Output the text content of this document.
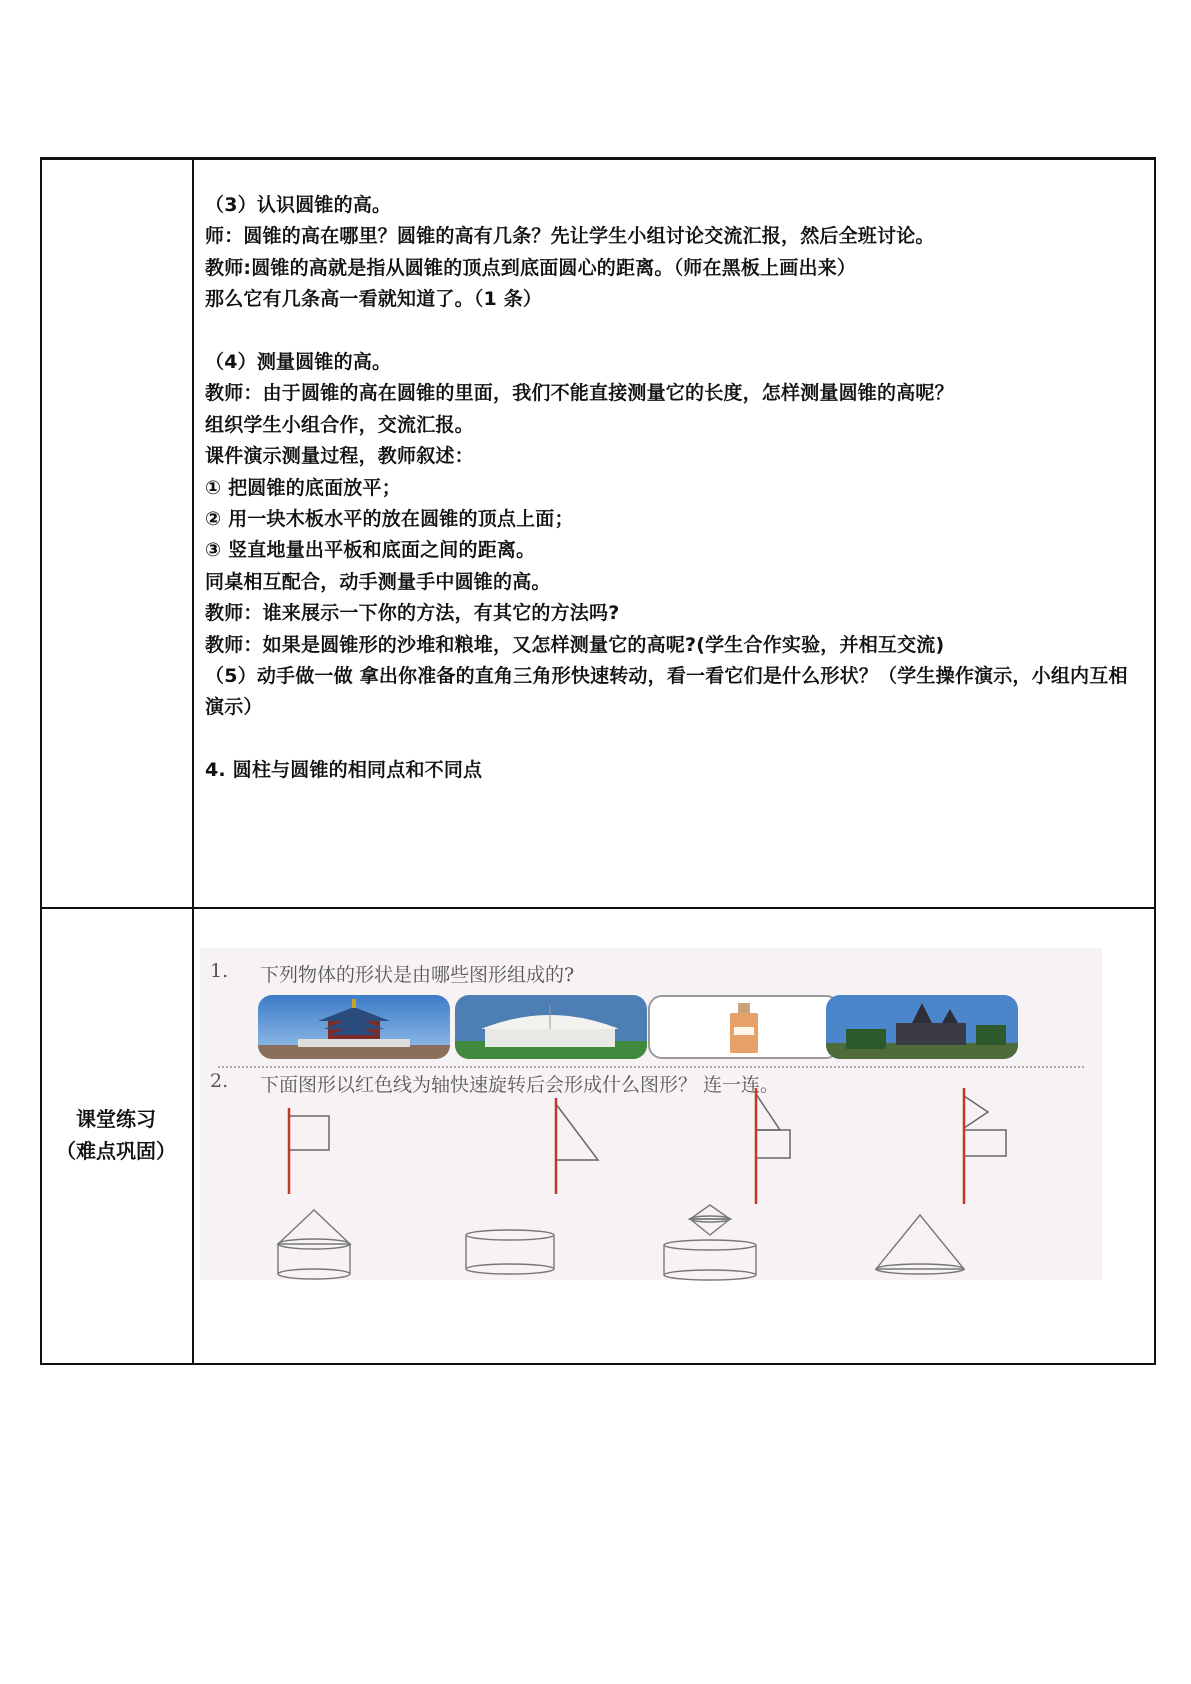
（3）认识圆锥的高。
师：圆锥的高在哪里？圆锥的高有几条？先让学生小组讨论交流汇报，然后全班讨论。
教师:圆锥的高就是指从圆锥的顶点到底面圆心的距离。（师在黑板上画出来）
那么它有几条高一看就知道了。（1 条）
（4）测量圆锥的高。
教师：由于圆锥的高在圆锥的里面，我们不能直接测量它的长度，怎样测量圆锥的高呢？
组织学生小组合作，交流汇报。
课件演示测量过程，教师叙述：
① 把圆锥的底面放平；
② 用一块木板水平的放在圆锥的顶点上面；
③ 竖直地量出平板和底面之间的距离。
同桌相互配合，动手测量手中圆锥的高。
教师：谁来展示一下你的方法，有其它的方法吗?
教师：如果是圆锥形的沙堆和粮堆，又怎样测量它的高呢?(学生合作实验，并相互交流)
（5）动手做一做 拿出你准备的直角三角形快速转动，看一看它们是什么形状？（学生操作演示，小组内互相演示）
4. 圆柱与圆锥的相同点和不同点
课堂练习
（难点巩固）
1. 下列物体的形状是由哪些图形组成的?
2. 下面图形以红色线为轴快速旋转后会形成什么图形？ 连一连。
